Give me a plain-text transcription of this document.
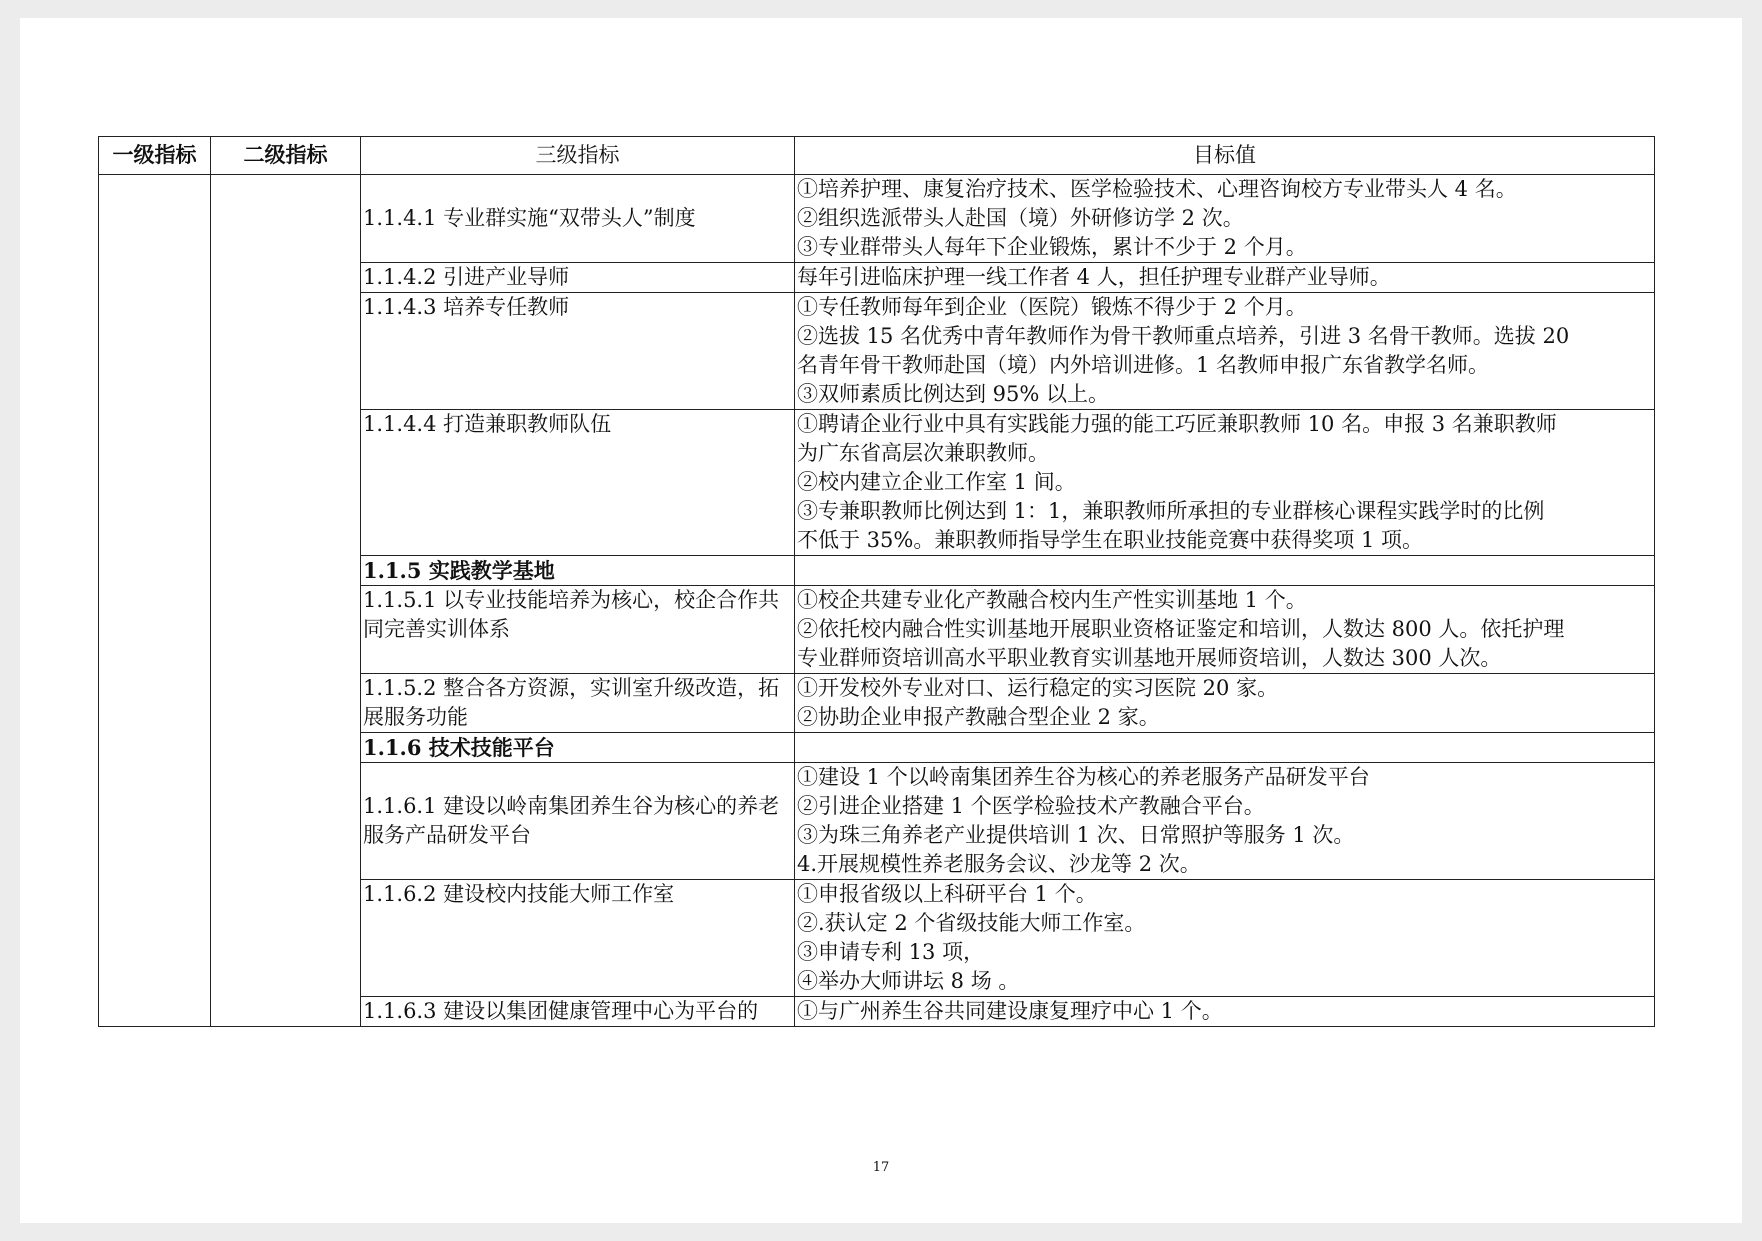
一级指标	二级指标	三级指标	目标值

		1.1.4.1 专业群实施“双带头人”制度	①培养护理、康复治疗技术、医学检验技术、心理咨询校方专业带头人 4 名。
②组织选派带头人赴国（境）外研修访学 2 次。
③专业群带头人每年下企业锻炼，累计不少于 2 个月。

		1.1.4.2 引进产业导师	每年引进临床护理一线工作者 4 人，担任护理专业群产业导师。

		1.1.4.3 培养专任教师	①专任教师每年到企业（医院）锻炼不得少于 2 个月。
②选拔 15 名优秀中青年教师作为骨干教师重点培养，引进 3 名骨干教师。选拔 20
名青年骨干教师赴国（境）内外培训进修。1 名教师申报广东省教学名师。
③双师素质比例达到 95% 以上。

		1.1.4.4 打造兼职教师队伍	①聘请企业行业中具有实践能力强的能工巧匠兼职教师 10 名。申报 3 名兼职教师
为广东省高层次兼职教师。
②校内建立企业工作室 1 间。
③专兼职教师比例达到 1：1，兼职教师所承担的专业群核心课程实践学时的比例
不低于 35%。兼职教师指导学生在职业技能竞赛中获得奖项 1 项。

		1.1.5 实践教学基地	

		1.1.5.1 以专业技能培养为核心，校企合作共同完善实训体系	①校企共建专业化产教融合校内生产性实训基地 1 个。
②依托校内融合性实训基地开展职业资格证鉴定和培训，人数达 800 人。依托护理
专业群师资培训高水平职业教育实训基地开展师资培训，人数达 300 人次。

		1.1.5.2 整合各方资源，实训室升级改造，拓展服务功能	①开发校外专业对口、运行稳定的实习医院 20 家。
②协助企业申报产教融合型企业 2 家。

		1.1.6 技术技能平台	

		1.1.6.1 建设以岭南集团养生谷为核心的养老服务产品研发平台	①建设 1 个以岭南集团养生谷为核心的养老服务产品研发平台
②引进企业搭建 1 个医学检验技术产教融合平台。
③为珠三角养老产业提供培训 1 次、日常照护等服务 1 次。
4.开展规模性养老服务会议、沙龙等 2 次。

		1.1.6.2 建设校内技能大师工作室	①申报省级以上科研平台 1 个。
②.获认定 2 个省级技能大师工作室。
③申请专利 13 项，
④举办大师讲坛 8 场 。

		1.1.6.3 建设以集团健康管理中心为平台的	①与广州养生谷共同建设康复理疗中心 1 个。
17
